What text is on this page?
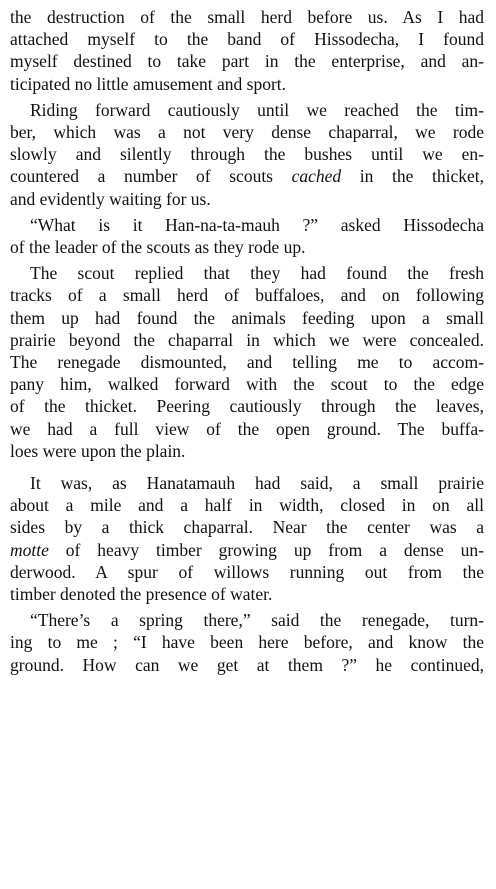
the destruction of the small herd before us. As I had
attached myself to the band of Hissodecha, I found
myself destined to take part in the enterprise, and an-
ticipated no little amusement and sport.

Riding forward cautiously until we reached the tim-
ber, which was a not very dense chaparral, we rode
slowly and silently through the bushes until we en-
countered a number of scouts cached in the thicket,
and evidently waiting for us.

“What is it Han-na-ta-mauh ?” asked Hissodecha
of the leader of the scouts as they rode up.

The scout replied that they had found the fresh
tracks of a small herd of buffaloes, and on following
them up had found the animals feeding upon a small
prairie beyond the chaparral in which we were concealed.
The renegade dismounted, and telling me to accom-
pany him, walked forward with the scout to the edge
of the thicket. Peering cautiously through the leaves,
we had a full view of the open ground. The buffa-
loes were upon the plain.

It was, as Hanatamauh had said, a small prairie
about a mile and a half in width, closed in on all
sides by a thick chaparral. Near the center was a
motte of heavy timber growing up from a dense un-
derwood. A spur of willows running out from the
timber denoted the presence of water.

“There’s a spring there,” said the renegade, turn-
ing to me ; “I have been here before, and know the
ground. How can we get at them ?” he continued,
